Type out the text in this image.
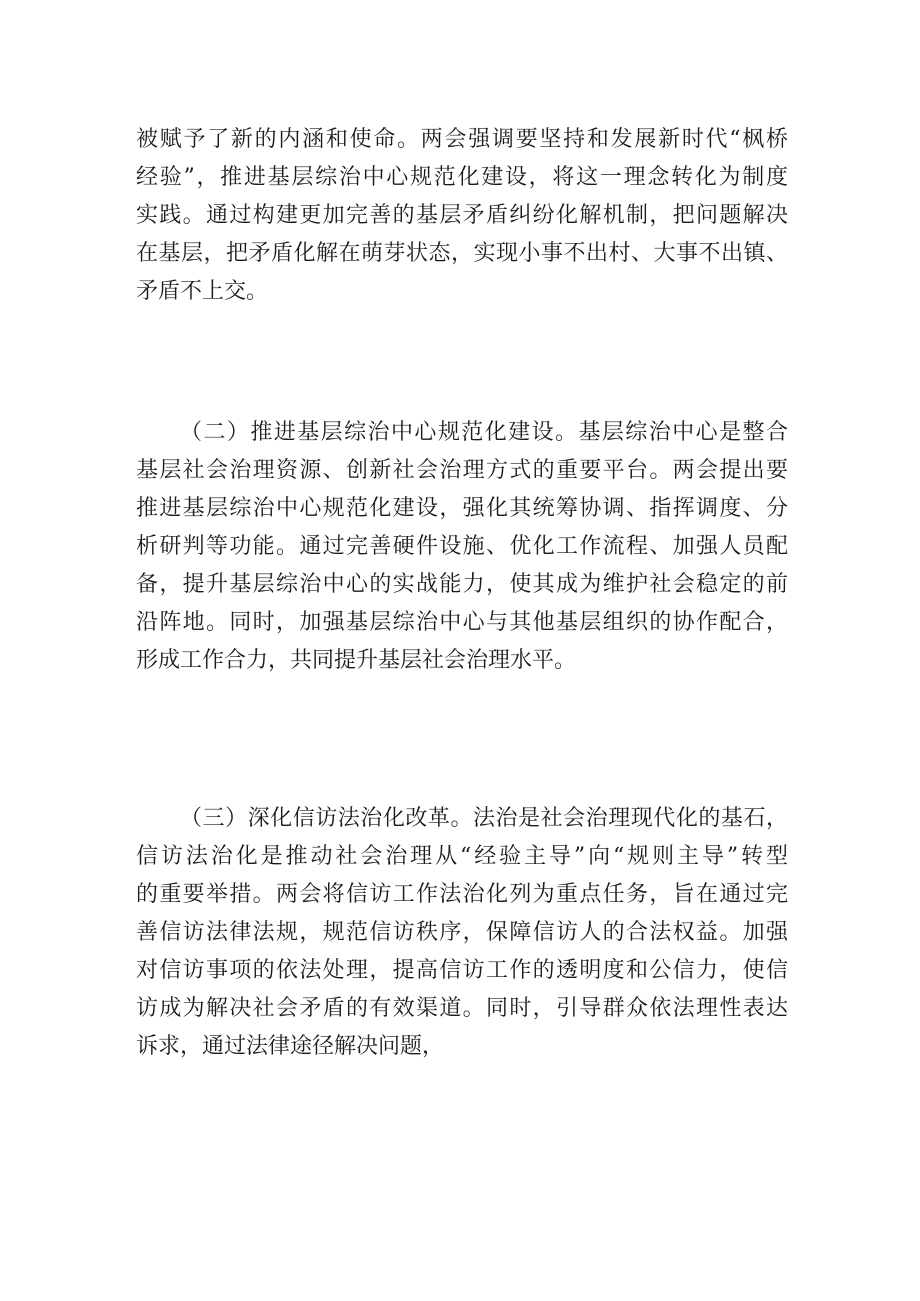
被赋予了新的内涵和使命。两会强调要坚持和发展新时代“枫桥
经验”，推进基层综治中心规范化建设，将这一理念转化为制度
实践。通过构建更加完善的基层矛盾纠纷化解机制，把问题解决
在基层，把矛盾化解在萌芽状态，实现小事不出村、大事不出镇、
矛盾不上交。
（二）推进基层综治中心规范化建设。基层综治中心是整合
基层社会治理资源、创新社会治理方式的重要平台。两会提出要
推进基层综治中心规范化建设，强化其统筹协调、指挥调度、分
析研判等功能。通过完善硬件设施、优化工作流程、加强人员配
备，提升基层综治中心的实战能力，使其成为维护社会稳定的前
沿阵地。同时，加强基层综治中心与其他基层组织的协作配合，
形成工作合力，共同提升基层社会治理水平。
（三）深化信访法治化改革。法治是社会治理现代化的基石，
信访法治化是推动社会治理从“经验主导”向“规则主导”转型
的重要举措。两会将信访工作法治化列为重点任务，旨在通过完
善信访法律法规，规范信访秩序，保障信访人的合法权益。加强
对信访事项的依法处理，提高信访工作的透明度和公信力，使信
访成为解决社会矛盾的有效渠道。同时，引导群众依法理性表达
诉求，通过法律途径解决问题，
